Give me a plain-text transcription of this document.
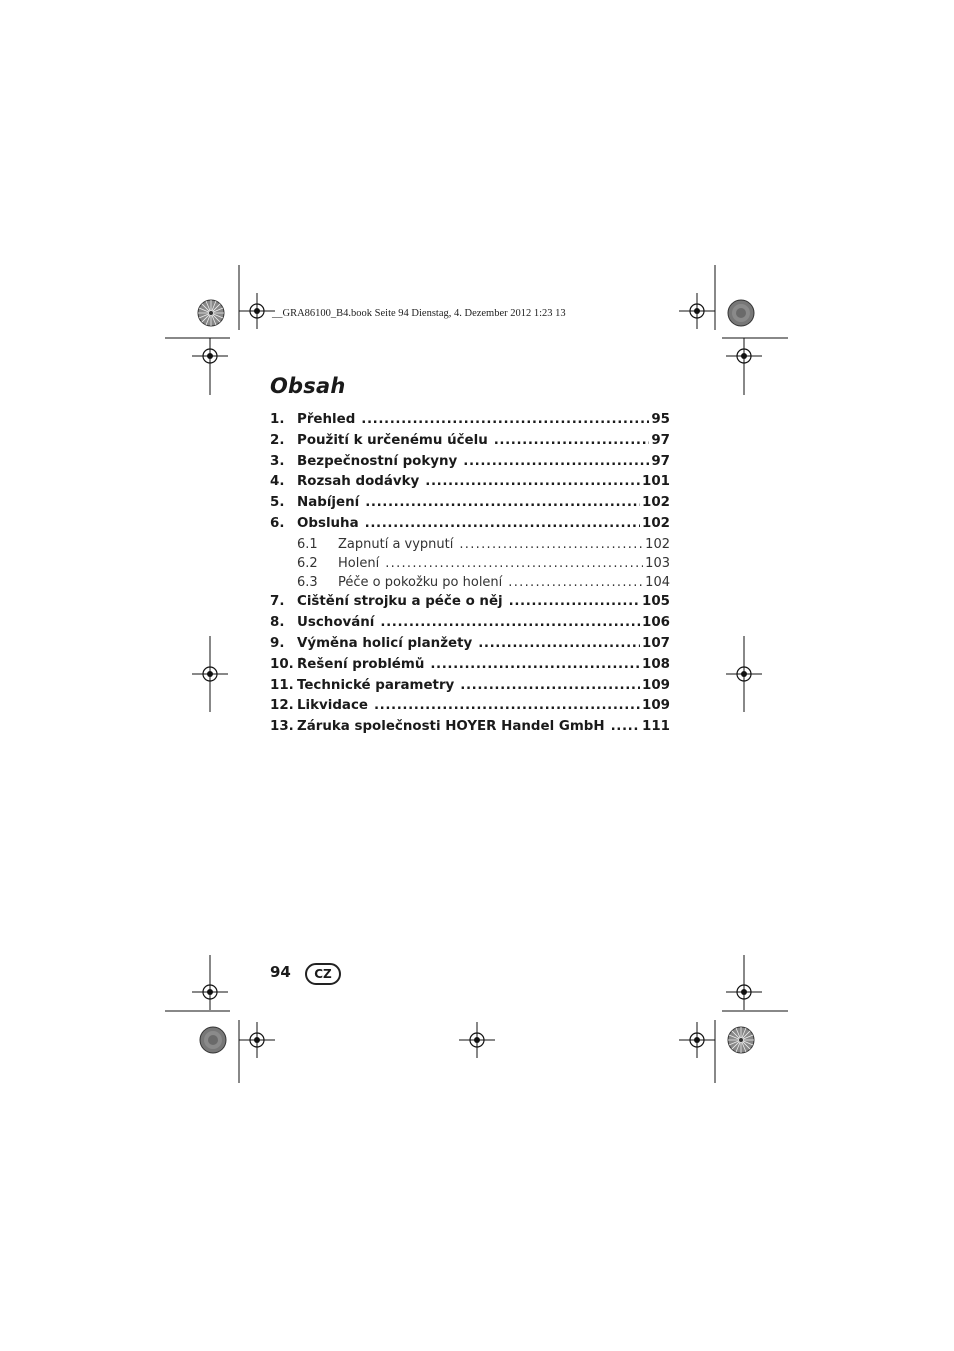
__GRA86100_B4.book Seite 94 Dienstag, 4. Dezember 2012 1:23 13
Obsah
1. Přehled .....	95
2. Použití k určenému účelu .....	97
3. Bezpečnostní pokyny .....	97
4. Rozsah dodávky .....	101
5. Nabíjení .....	102
6. Obsluha .....	102
6.1	Zapnutí a vypnutí .....	102
6.2	Holení .....	103
6.3	Péče o pokožku po holení .....	104
7. Čištění strojku a péče o něj .....	105
8. Uschování .....	106
9. Výměna holicí planžety .....	107
10. Řešení problémů .....	108
11. Technické parametry .....	109
12. Likvidace .....	109
13. Záruka společnosti HOYER Handel GmbH .....	111
94	CZ
